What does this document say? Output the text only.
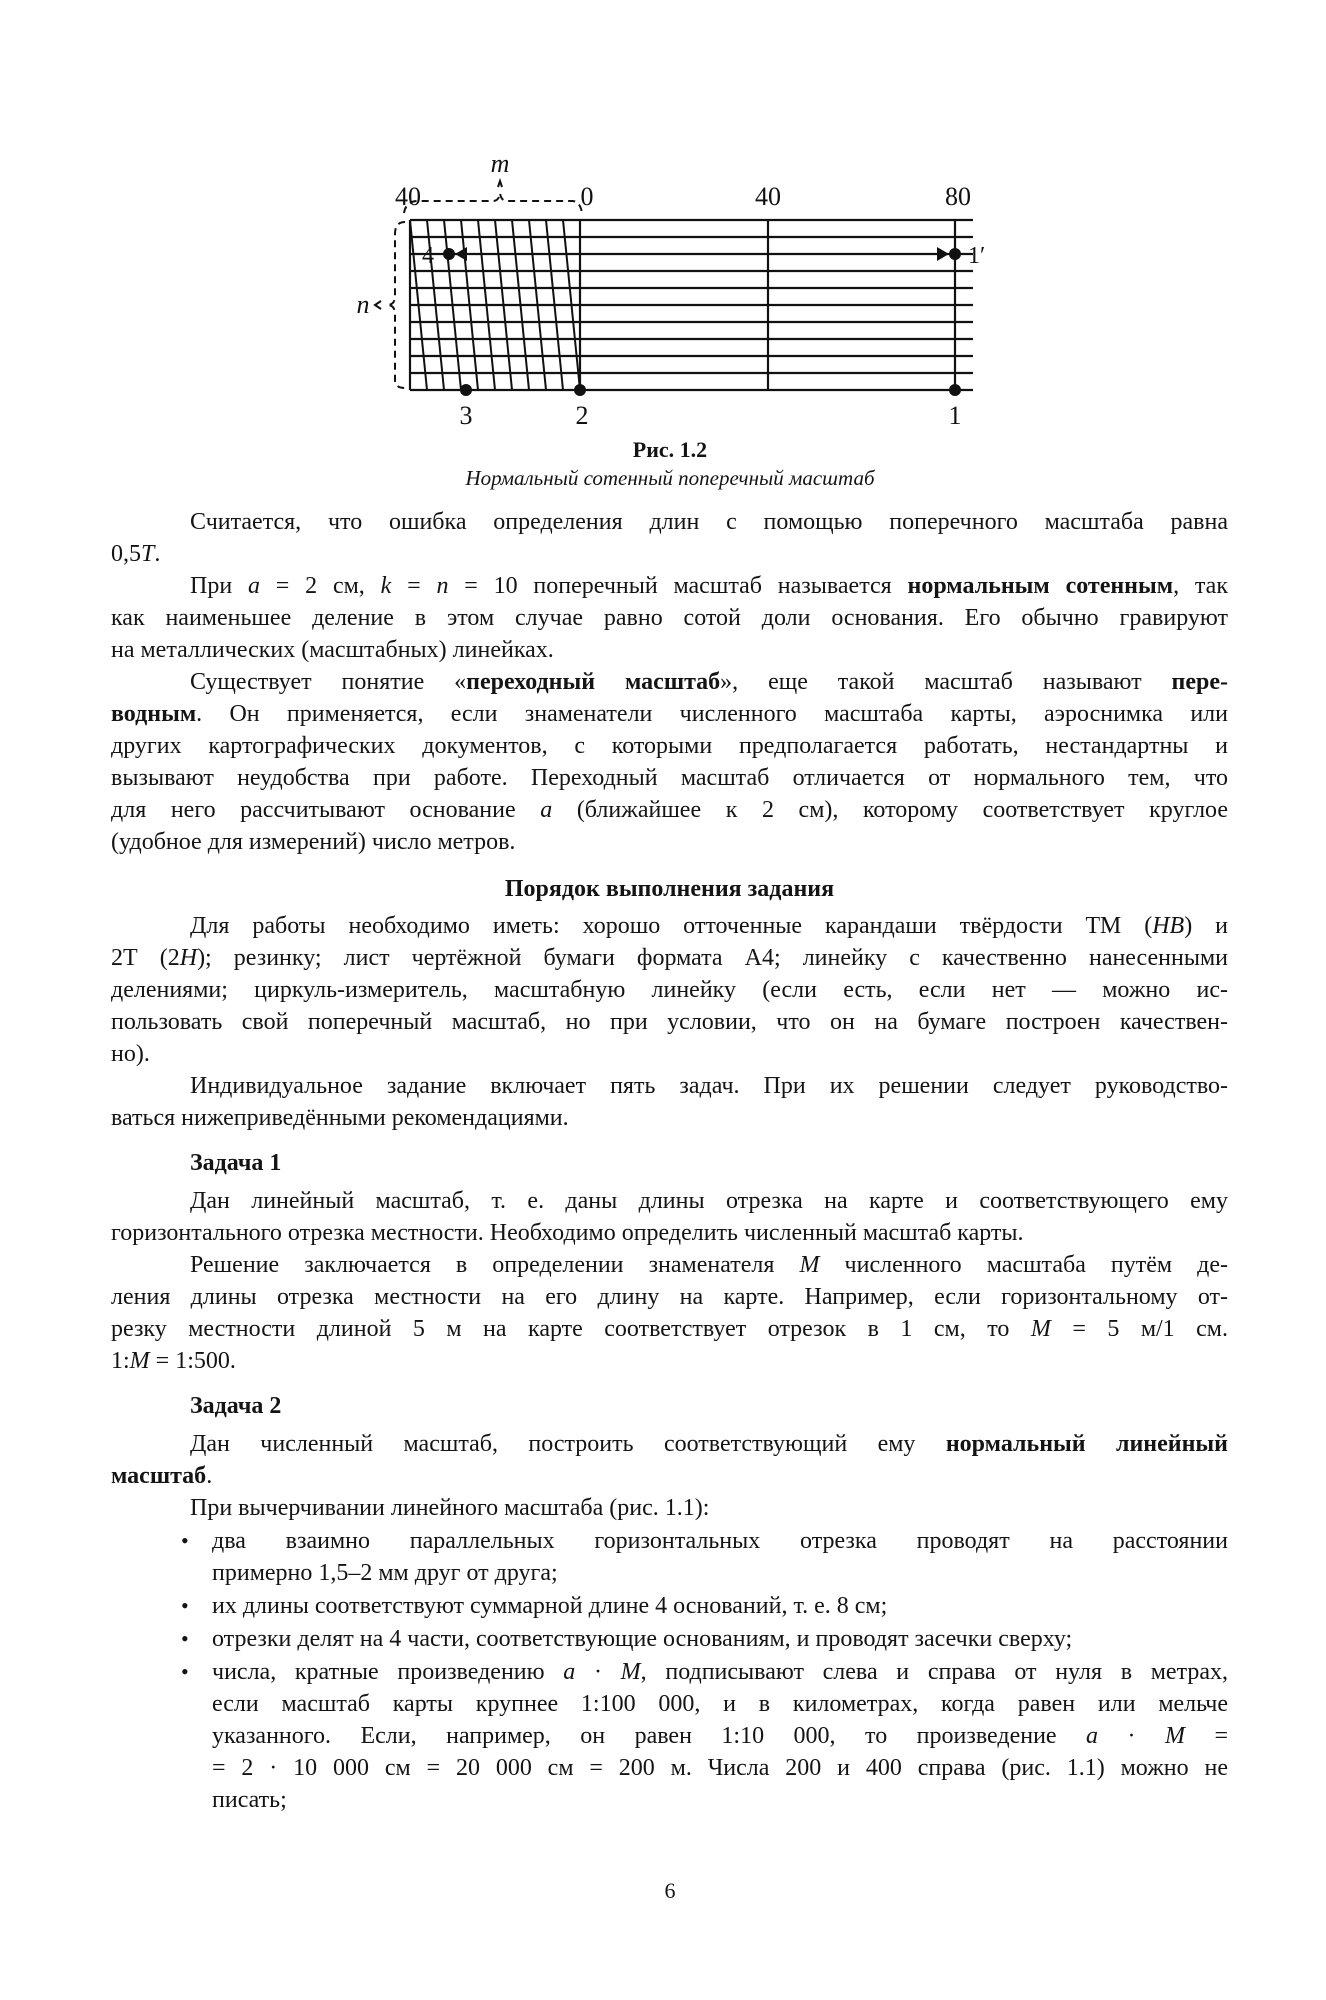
m
n
40	0	40	80
3	2	1
4	1′
Рис. 1.2
Нормальный сотенный поперечный масштаб
Считается, что ошибка определения длин с помощью поперечного масштаба равна
0,5T.
При a = 2 см, k = n = 10 поперечный масштаб называется нормальным сотенным, так
как наименьшее деление в этом случае равно сотой доли основания. Его обычно гравируют
на металлических (масштабных) линейках.
Существует понятие «переходный масштаб», еще такой масштаб называют пере-
водным. Он применяется, если знаменатели численного масштаба карты, аэроснимка или
других картографических документов, с которыми предполагается работать, нестандартны и
вызывают неудобства при работе. Переходный масштаб отличается от нормального тем, что
для него рассчитывают основание a (ближайшее к 2 см), которому соответствует круглое
(удобное для измерений) число метров.
Порядок выполнения задания
Для работы необходимо иметь: хорошо отточенные карандаши твёрдости ТМ (HB) и
2Т (2H); резинку; лист чертёжной бумаги формата А4; линейку с качественно нанесенными
делениями; циркуль-измеритель, масштабную линейку (если есть, если нет — можно ис-
пользовать свой поперечный масштаб, но при условии, что он на бумаге построен качествен-
но).
Индивидуальное задание включает пять задач. При их решении следует руководство-
ваться нижеприведёнными рекомендациями.
Задача 1
Дан линейный масштаб, т. е. даны длины отрезка на карте и соответствующего ему
горизонтального отрезка местности. Необходимо определить численный масштаб карты.
Решение заключается в определении знаменателя M численного масштаба путём де-
ления длины отрезка местности на его длину на карте. Например, если горизонтальному от-
резку местности длиной 5 м на карте соответствует отрезок в 1 см, то M = 5 м/1 см.
1:M = 1:500.
Задача 2
Дан численный масштаб, построить соответствующий ему нормальный линейный
масштаб.
При вычерчивании линейного масштаба (рис. 1.1):
• два взаимно параллельных горизонтальных отрезка проводят на расстоянии
примерно 1,5–2 мм друг от друга;
• их длины соответствуют суммарной длине 4 оснований, т. е. 8 см;
• отрезки делят на 4 части, соответствующие основаниям, и проводят засечки сверху;
• числа, кратные произведению a · M, подписывают слева и справа от нуля в метрах,
если масштаб карты крупнее 1:100 000, и в километрах, когда равен или мельче
указанного. Если, например, он равен 1:10 000, то произведение a · M =
= 2 · 10 000 см = 20 000 см = 200 м. Числа 200 и 400 справа (рис. 1.1) можно не
писать;
6
